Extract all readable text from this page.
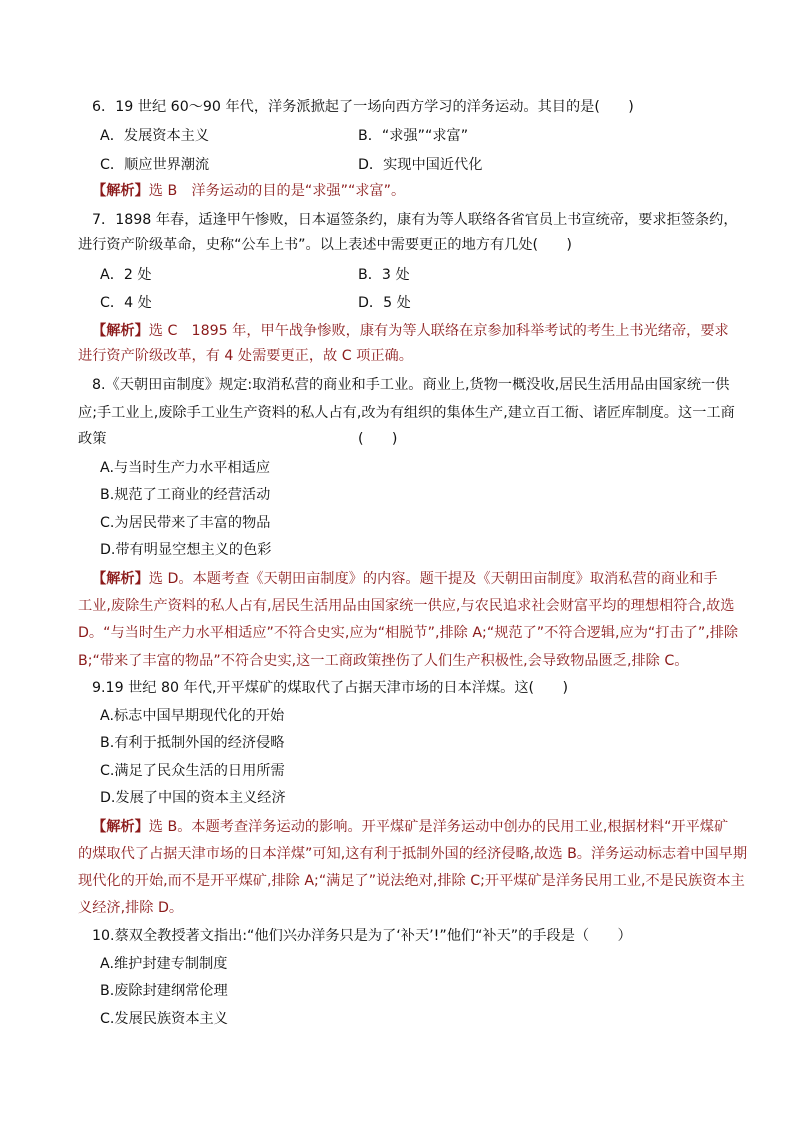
6．19 世纪 60～90 年代，洋务派掀起了一场向西方学习的洋务运动。其目的是(　　)
A．发展资本主义	B．“求强”“求富”
C．顺应世界潮流	D．实现中国近代化
【解析】选 B　洋务运动的目的是“求强”“求富”。
7．1898 年春，适逢甲午惨败，日本逼签条约，康有为等人联络各省官员上书宣统帝，要求拒签条约，
进行资产阶级革命，史称“公车上书”。以上表述中需要更正的地方有几处(　　)
A．2 处	B．3 处
C．4 处	D．5 处
【解析】选 C　1895 年，甲午战争惨败，康有为等人联络在京参加科举考试的考生上书光绪帝，要求
进行资产阶级改革，有 4 处需要更正，故 C 项正确。
8.《天朝田亩制度》规定:取消私营的商业和手工业。商业上,货物一概没收,居民生活用品由国家统一供
应;手工业上,废除手工业生产资料的私人占有,改为有组织的集体生产,建立百工衙、诸匠库制度。这一工商
政策	(　　)
A.与当时生产力水平相适应
B.规范了工商业的经营活动
C.为居民带来了丰富的物品
D.带有明显空想主义的色彩
【解析】选 D。本题考查《天朝田亩制度》的内容。题干提及《天朝田亩制度》取消私营的商业和手
工业,废除生产资料的私人占有,居民生活用品由国家统一供应,与农民追求社会财富平均的理想相符合,故选
D。“与当时生产力水平相适应”不符合史实,应为“相脱节”,排除 A;“规范了”不符合逻辑,应为“打击了”,排除
B;“带来了丰富的物品”不符合史实,这一工商政策挫伤了人们生产积极性,会导致物品匮乏,排除 C。
9.19 世纪 80 年代,开平煤矿的煤取代了占据天津市场的日本洋煤。这(　　)
A.标志中国早期现代化的开始
B.有利于抵制外国的经济侵略
C.满足了民众生活的日用所需
D.发展了中国的资本主义经济
【解析】选 B。本题考查洋务运动的影响。开平煤矿是洋务运动中创办的民用工业,根据材料“开平煤矿
的煤取代了占据天津市场的日本洋煤”可知,这有利于抵制外国的经济侵略,故选 B。洋务运动标志着中国早期
现代化的开始,而不是开平煤矿,排除 A;“满足了”说法绝对,排除 C;开平煤矿是洋务民用工业,不是民族资本主
义经济,排除 D。
10.蔡双全教授著文指出:“他们兴办洋务只是为了‘补天’!”他们“补天”的手段是（　　）
A.维护封建专制制度
B.废除封建纲常伦理
C.发展民族资本主义
